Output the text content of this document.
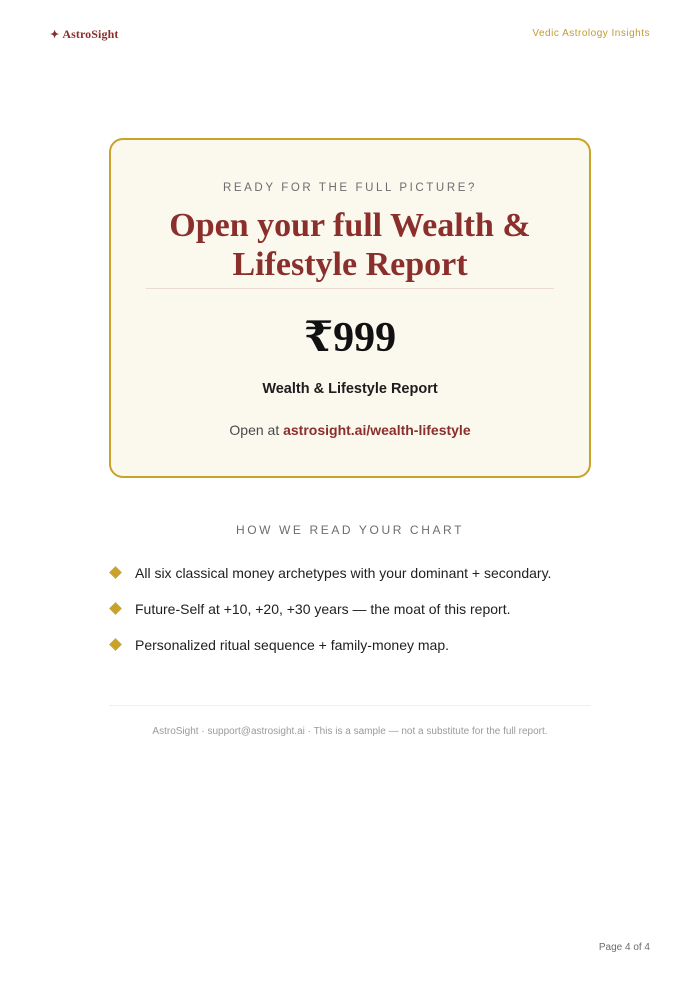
✦ AstroSight	Vedic Astrology Insights
READY FOR THE FULL PICTURE?
Open your full Wealth & Lifestyle Report
₹999
Wealth & Lifestyle Report
Open at astrosight.ai/wealth-lifestyle
HOW WE READ YOUR CHART
All six classical money archetypes with your dominant + secondary.
Future-Self at +10, +20, +30 years — the moat of this report.
Personalized ritual sequence + family-money map.
AstroSight · support@astrosight.ai · This is a sample — not a substitute for the full report.
Page 4 of 4
